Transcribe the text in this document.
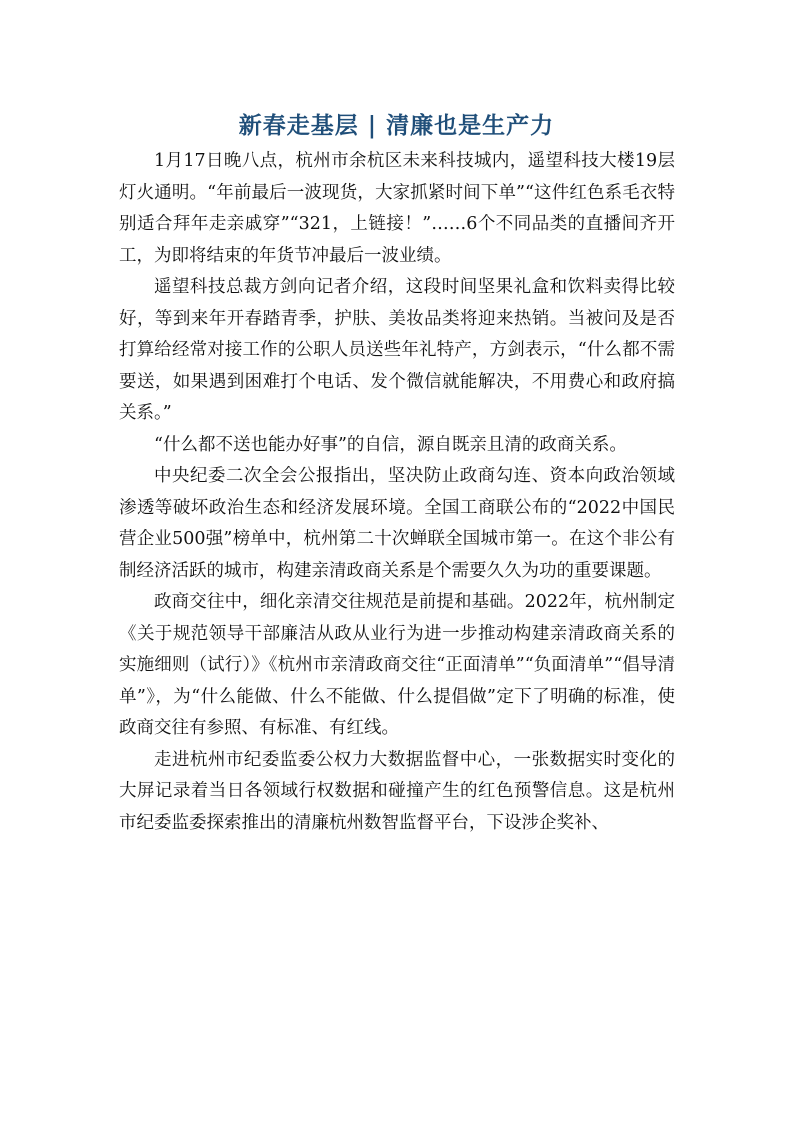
新春走基层 | 清廉也是生产力

1月17日晚八点，杭州市余杭区未来科技城内，遥望科技大楼19层灯火通明。“年前最后一波现货，大家抓紧时间下单”“这件红色系毛衣特别适合拜年走亲戚穿”“321，上链接！”……6个不同品类的直播间齐开工，为即将结束的年货节冲最后一波业绩。

遥望科技总裁方剑向记者介绍，这段时间坚果礼盒和饮料卖得比较好，等到来年开春踏青季，护肤、美妆品类将迎来热销。当被问及是否打算给经常对接工作的公职人员送些年礼特产，方剑表示，“什么都不需要送，如果遇到困难打个电话、发个微信就能解决，不用费心和政府搞关系。”

“什么都不送也能办好事”的自信，源自既亲且清的政商关系。

中央纪委二次全会公报指出，坚决防止政商勾连、资本向政治领域渗透等破坏政治生态和经济发展环境。全国工商联公布的“2022中国民营企业500强”榜单中，杭州第二十次蝉联全国城市第一。在这个非公有制经济活跃的城市，构建亲清政商关系是个需要久久为功的重要课题。

政商交往中，细化亲清交往规范是前提和基础。2022年，杭州制定《关于规范领导干部廉洁从政从业行为进一步推动构建亲清政商关系的实施细则（试行）》《杭州市亲清政商交往“正面清单”“负面清单”“倡导清单”》，为“什么能做、什么不能做、什么提倡做”定下了明确的标准，使政商交往有参照、有标准、有红线。

走进杭州市纪委监委公权力大数据监督中心，一张数据实时变化的大屏记录着当日各领域行权数据和碰撞产生的红色预警信息。这是杭州市纪委监委探索推出的清廉杭州数智监督平台，下设涉企奖补、
